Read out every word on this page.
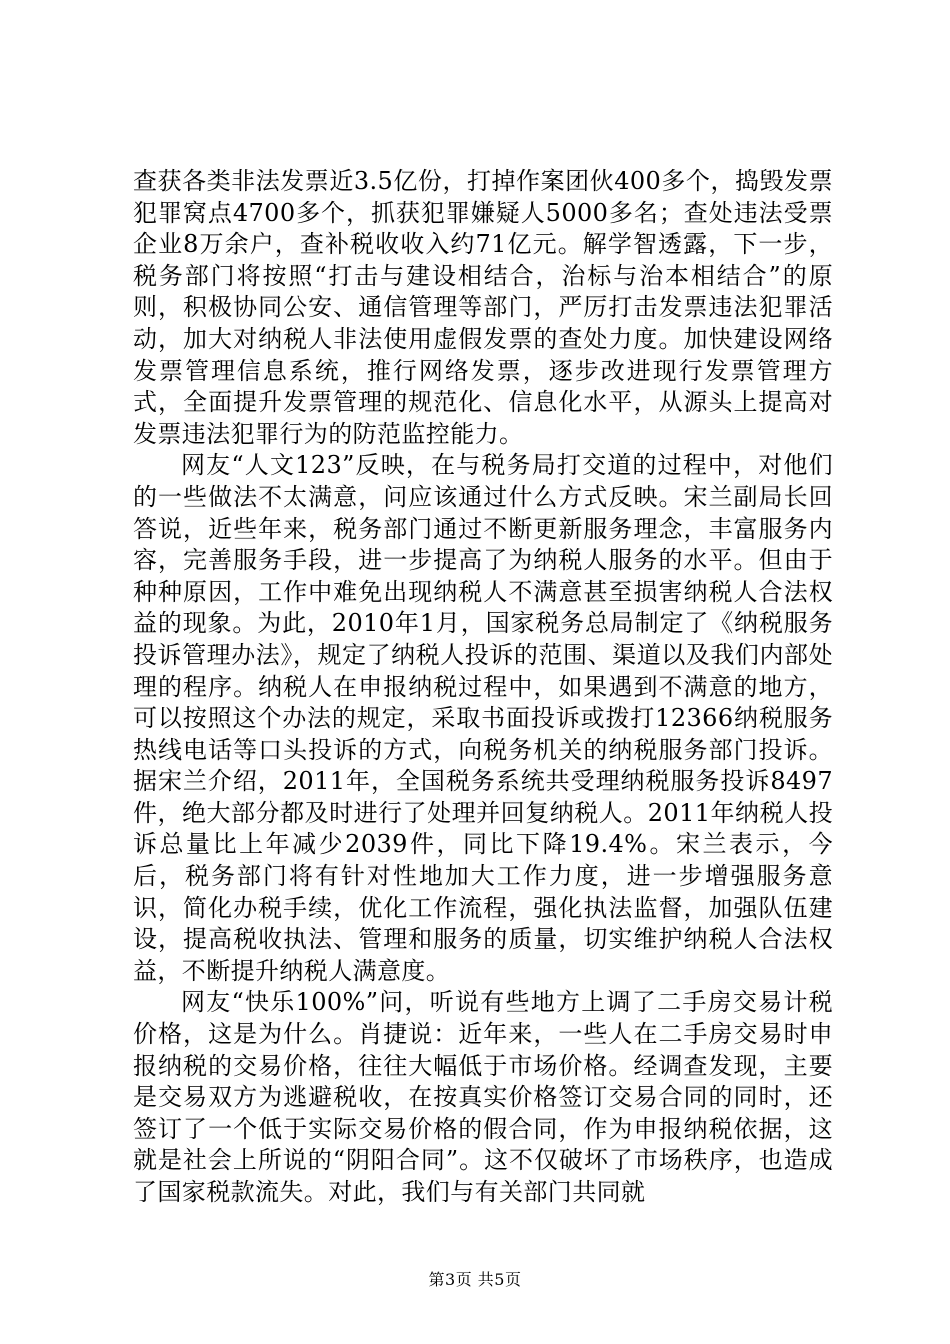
查获各类非法发票近3.5亿份，打掉作案团伙400多个，捣毁发票犯罪窝点4700多个，抓获犯罪嫌疑人5000多名；查处违法受票企业8万余户，查补税收收入约71亿元。解学智透露，下一步，税务部门将按照“打击与建设相结合，治标与治本相结合”的原则，积极协同公安、通信管理等部门，严厉打击发票违法犯罪活动，加大对纳税人非法使用虚假发票的查处力度。加快建设网络发票管理信息系统，推行网络发票，逐步改进现行发票管理方式，全面提升发票管理的规范化、信息化水平，从源头上提高对发票违法犯罪行为的防范监控能力。

网友“人文123”反映，在与税务局打交道的过程中，对他们的一些做法不太满意，问应该通过什么方式反映。宋兰副局长回答说，近些年来，税务部门通过不断更新服务理念，丰富服务内容，完善服务手段，进一步提高了为纳税人服务的水平。但由于种种原因，工作中难免出现纳税人不满意甚至损害纳税人合法权益的现象。为此，2010年1月，国家税务总局制定了《纳税服务投诉管理办法》，规定了纳税人投诉的范围、渠道以及我们内部处理的程序。纳税人在申报纳税过程中，如果遇到不满意的地方，可以按照这个办法的规定，采取书面投诉或拨打12366纳税服务热线电话等口头投诉的方式，向税务机关的纳税服务部门投诉。据宋兰介绍，2011年，全国税务系统共受理纳税服务投诉8497件，绝大部分都及时进行了处理并回复纳税人。2011年纳税人投诉总量比上年减少2039件，同比下降19.4%。宋兰表示，今后，税务部门将有针对性地加大工作力度，进一步增强服务意识，简化办税手续，优化工作流程，强化执法监督，加强队伍建设，提高税收执法、管理和服务的质量，切实维护纳税人合法权益，不断提升纳税人满意度。

网友“快乐100%”问，听说有些地方上调了二手房交易计税价格，这是为什么。肖捷说：近年来，一些人在二手房交易时申报纳税的交易价格，往往大幅低于市场价格。经调查发现，主要是交易双方为逃避税收，在按真实价格签订交易合同的同时，还签订了一个低于实际交易价格的假合同，作为申报纳税依据，这就是社会上所说的“阴阳合同”。这不仅破坏了市场秩序，也造成了国家税款流失。对此，我们与有关部门共同就

第3页 共5页
